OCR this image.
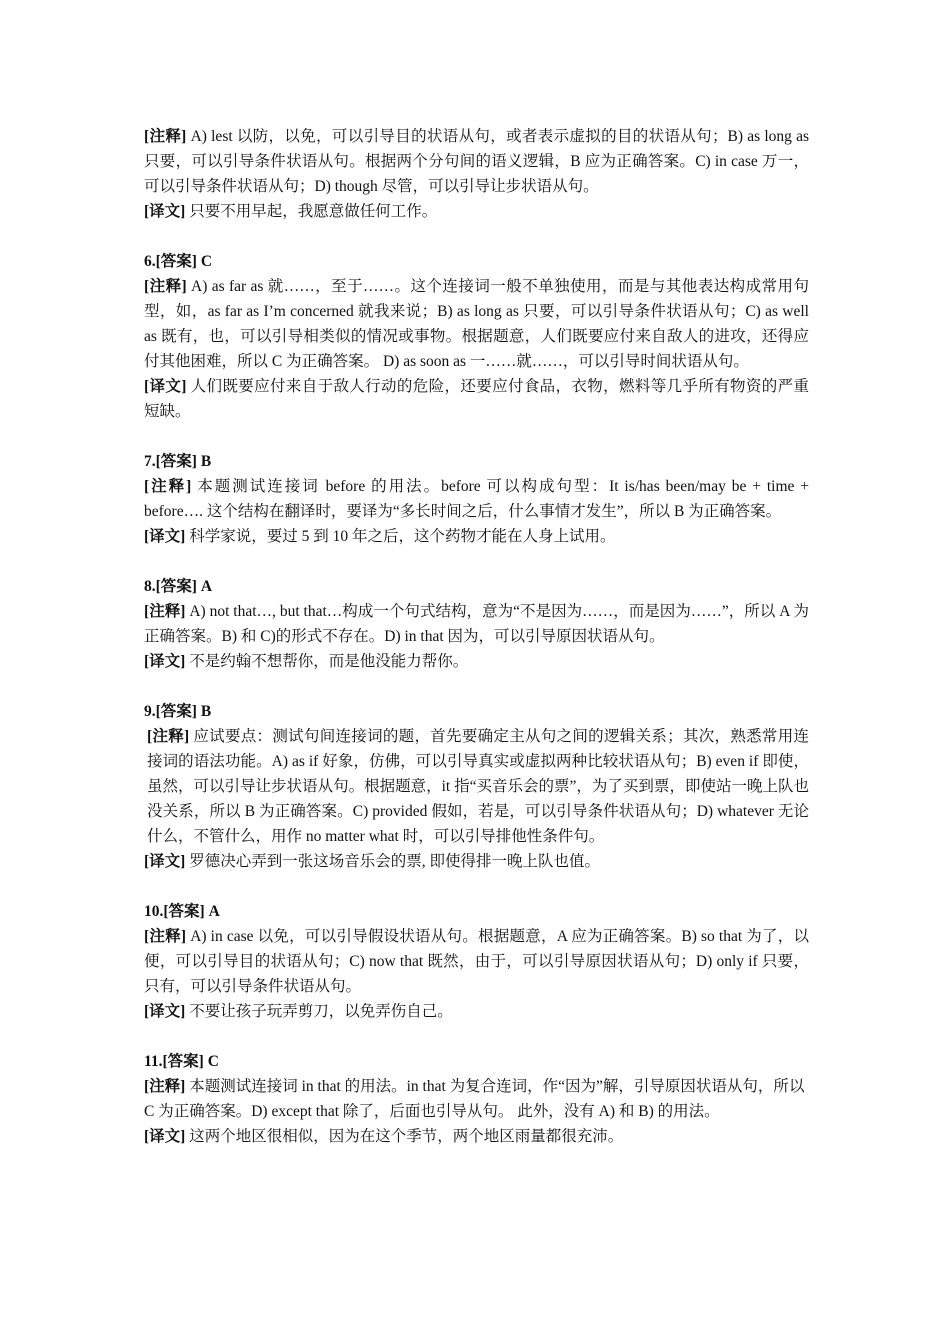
[注释] A) lest 以防，以免，可以引导目的状语从句，或者表示虚拟的目的状语从句；B) as long as 只要，可以引导条件状语从句。根据两个分句间的语义逻辑，B 应为正确答案。C) in case 万一，可以引导条件状语从句；D) though 尽管，可以引导让步状语从句。

[译文] 只要不用早起，我愿意做任何工作。

6.[答案] C

[注释] A) as far as 就……，至于……。这个连接词一般不单独使用，而是与其他表达构成常用句型，如，as far as I’m concerned 就我来说；B) as long as 只要，可以引导条件状语从句；C) as well as 既有，也，可以引导相类似的情况或事物。根据题意，人们既要应付来自敌人的进攻，还得应付其他困难，所以 C 为正确答案。 D) as soon as 一……就……，可以引导时间状语从句。

[译文] 人们既要应付来自于敌人行动的危险，还要应付食品，衣物，燃料等几乎所有物资的严重短缺。

7.[答案] B

[注释] 本题测试连接词 before 的用法。before 可以构成句型：It is/has been/may be + time + before…. 这个结构在翻译时，要译为“多长时间之后，什么事情才发生”，所以 B 为正确答案。

[译文] 科学家说，要过 5 到 10 年之后，这个药物才能在人身上试用。

8.[答案] A

[注释] A) not that…, but that…构成一个句式结构，意为“不是因为……，而是因为……”，所以 A 为正确答案。B) 和 C)的形式不存在。D) in that 因为，可以引导原因状语从句。

[译文] 不是约翰不想帮你，而是他没能力帮你。

9.[答案] B

[注释] 应试要点：测试句间连接词的题，首先要确定主从句之间的逻辑关系；其次，熟悉常用连接词的语法功能。A) as if 好象，仿佛，可以引导真实或虚拟两种比较状语从句；B) even if 即使，虽然，可以引导让步状语从句。根据题意，it 指“买音乐会的票”，为了买到票，即使站一晚上队也没关系，所以 B 为正确答案。C) provided 假如，若是，可以引导条件状语从句；D) whatever 无论什么，不管什么，用作 no matter what 时，可以引导排他性条件句。

[译文] 罗德决心弄到一张这场音乐会的票, 即使得排一晚上队也值。

10.[答案] A

[注释] A) in case 以免，可以引导假设状语从句。根据题意，A 应为正确答案。B) so that 为了，以便，可以引导目的状语从句；C) now that 既然，由于，可以引导原因状语从句；D) only if 只要，只有，可以引导条件状语从句。

[译文] 不要让孩子玩弄剪刀，以免弄伤自己。

11.[答案] C

[注释] 本题测试连接词 in that 的用法。in that 为复合连词，作“因为”解，引导原因状语从句，所以 C 为正确答案。D) except that 除了，后面也引导从句。 此外，没有 A) 和 B) 的用法。

[译文] 这两个地区很相似，因为在这个季节，两个地区雨量都很充沛。
